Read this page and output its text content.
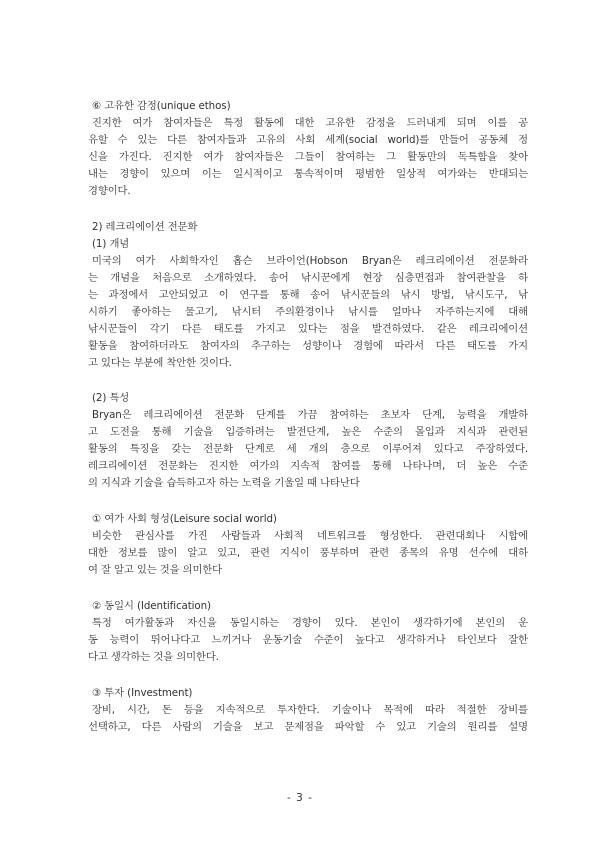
⑥ 고유한 감정(unique ethos)
진지한 여가 참여자들은 특정 활동에 대한 고유한 감정을 드러내게 되며 이를 공
유할 수 있는 다른 참여자들과 고유의 사회 세계(social world)를 만들어 공동체 정
신을 가진다. 진지한 여가 참여자들은 그들이 참여하는 그 활동만의 독특함을 찾아
내는 경향이 있으며 이는 일시적이고 통속적이며 평범한 일상적 여가와는 반대되는
경향이다.
2) 레크리에이션 전문화
(1) 개념
미국의 여가 사회학자인 홉슨 브라이언(Hobson Bryan은 레크리에이션 전문화라
는 개념을 처음으로 소개하였다. 송어 낚시꾼에게 현장 심층면접과 참여관찰을 하
는 과정에서 고안되었고 이 연구를 통해 송어 낚시꾼들의 낚시 방법, 낚시도구, 낚
시하기 좋아하는 물고기, 낚시터 주의환경이나 낚시를 얼마나 자주하는지에 대해
낚시꾼들이 각기 다른 태도를 가지고 있다는 점을 발견하였다. 같은 레크리에이션
활동을 참여하더라도 참여자의 추구하는 성향이나 경험에 따라서 다른 태도를 가지
고 있다는 부분에 착안한 것이다.
(2) 특성
Bryan은 레크리에이션 전문화 단계를 가끔 참여하는 초보자 단계, 능력을 개발하
고 도전을 통해 기술을 입증하려는 발전단계, 높은 수준의 몰입과 지식과 관련된
활동의 특징을 갖는 전문화 단계로 세 개의 층으로 이루어져 있다고 주장하였다.
레크리에이션 전문화는 진지한 여가의 지속적 참여를 통해 나타나며, 더 높은 수준
의 지식과 기술을 습득하고자 하는 노력을 기울일 때 나타난다
① 여가 사회 형성(Leisure social world)
비슷한 관심사를 가진 사람들과 사회적 네트워크를 형성한다. 관련대회나 시합에
대한 정보를 많이 알고 있고, 관련 지식이 풍부하며 관련 종목의 유명 선수에 대하
여 잘 알고 있는 것을 의미한다
② 동일시 (Identification)
특정 여가활동과 자신을 동일시하는 경향이 있다. 본인이 생각하기에 본인의 운
동 능력이 뛰어나다고 느끼거나 운동기술 수준이 높다고 생각하거나 타인보다 잘한
다고 생각하는 것을 의미한다.
③ 투자 (Investment)
장비, 시간, 돈 등을 지속적으로 투자한다. 기술이나 목적에 따라 적절한 장비를
선택하고, 다른 사람의 기술을 보고 문제점을 파악할 수 있고 기술의 원리를 설명
- 3 -
